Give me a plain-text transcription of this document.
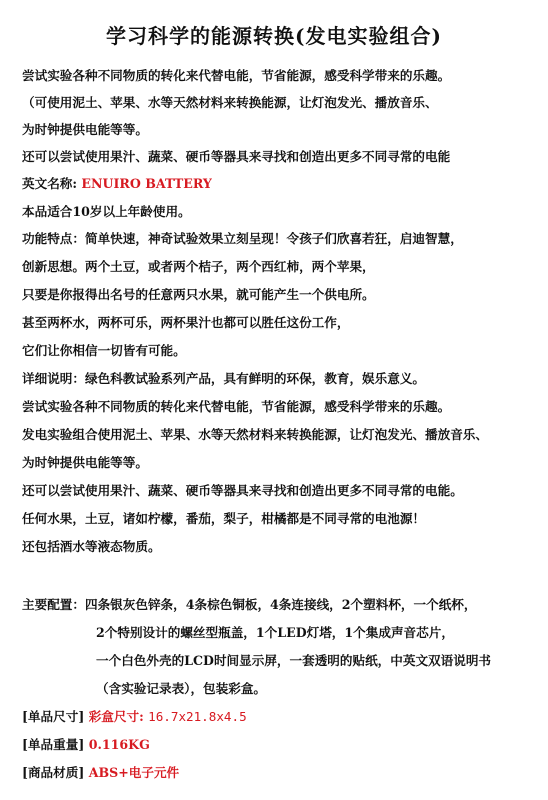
学习科学的能源转换(发电实验组合)
尝试实验各种不同物质的转化来代替电能，节省能源，感受科学带来的乐趣。
（可使用泥土、苹果、水等天然材料来转换能源，让灯泡发光、播放音乐、
为时钟提供电能等等。
还可以尝试使用果汁、蔬菜、硬币等器具来寻找和创造出更多不同寻常的电能
英文名称: ENUIRO BATTERY
本品适合10岁以上年龄使用。
功能特点：简单快速，神奇试验效果立刻呈现！令孩子们欣喜若狂，启迪智慧，
创新思想。两个土豆，或者两个桔子，两个西红柿，两个苹果，
只要是你报得出名号的任意两只水果，就可能产生一个供电所。
甚至两杯水，两杯可乐，两杯果汁也都可以胜任这份工作，
它们让你相信一切皆有可能。
详细说明：绿色科教试验系列产品，具有鲜明的环保，教育，娱乐意义。
尝试实验各种不同物质的转化来代替电能，节省能源，感受科学带来的乐趣。
发电实验组合使用泥土、苹果、水等天然材料来转换能源，让灯泡发光、播放音乐、
为时钟提供电能等等。
还可以尝试使用果汁、蔬菜、硬币等器具来寻找和创造出更多不同寻常的电能。
任何水果，土豆，诸如柠檬，番茄，梨子，柑橘都是不同寻常的电池源！
还包括酒水等液态物质。
主要配置：四条银灰色锌条，4条棕色铜板，4条连接线，2个塑料杯，一个纸杯，
2个特别设计的螺丝型瓶盖，1个LED灯塔，1个集成声音芯片，
一个白色外壳的LCD时间显示屏，一套透明的贴纸，中英文双语说明书
（含实验记录表），包装彩盒。
[单品尺寸] 彩盒尺寸: 16.7x21.8x4.5
[单品重量] 0.116KG
[商品材质] ABS+电子元件
